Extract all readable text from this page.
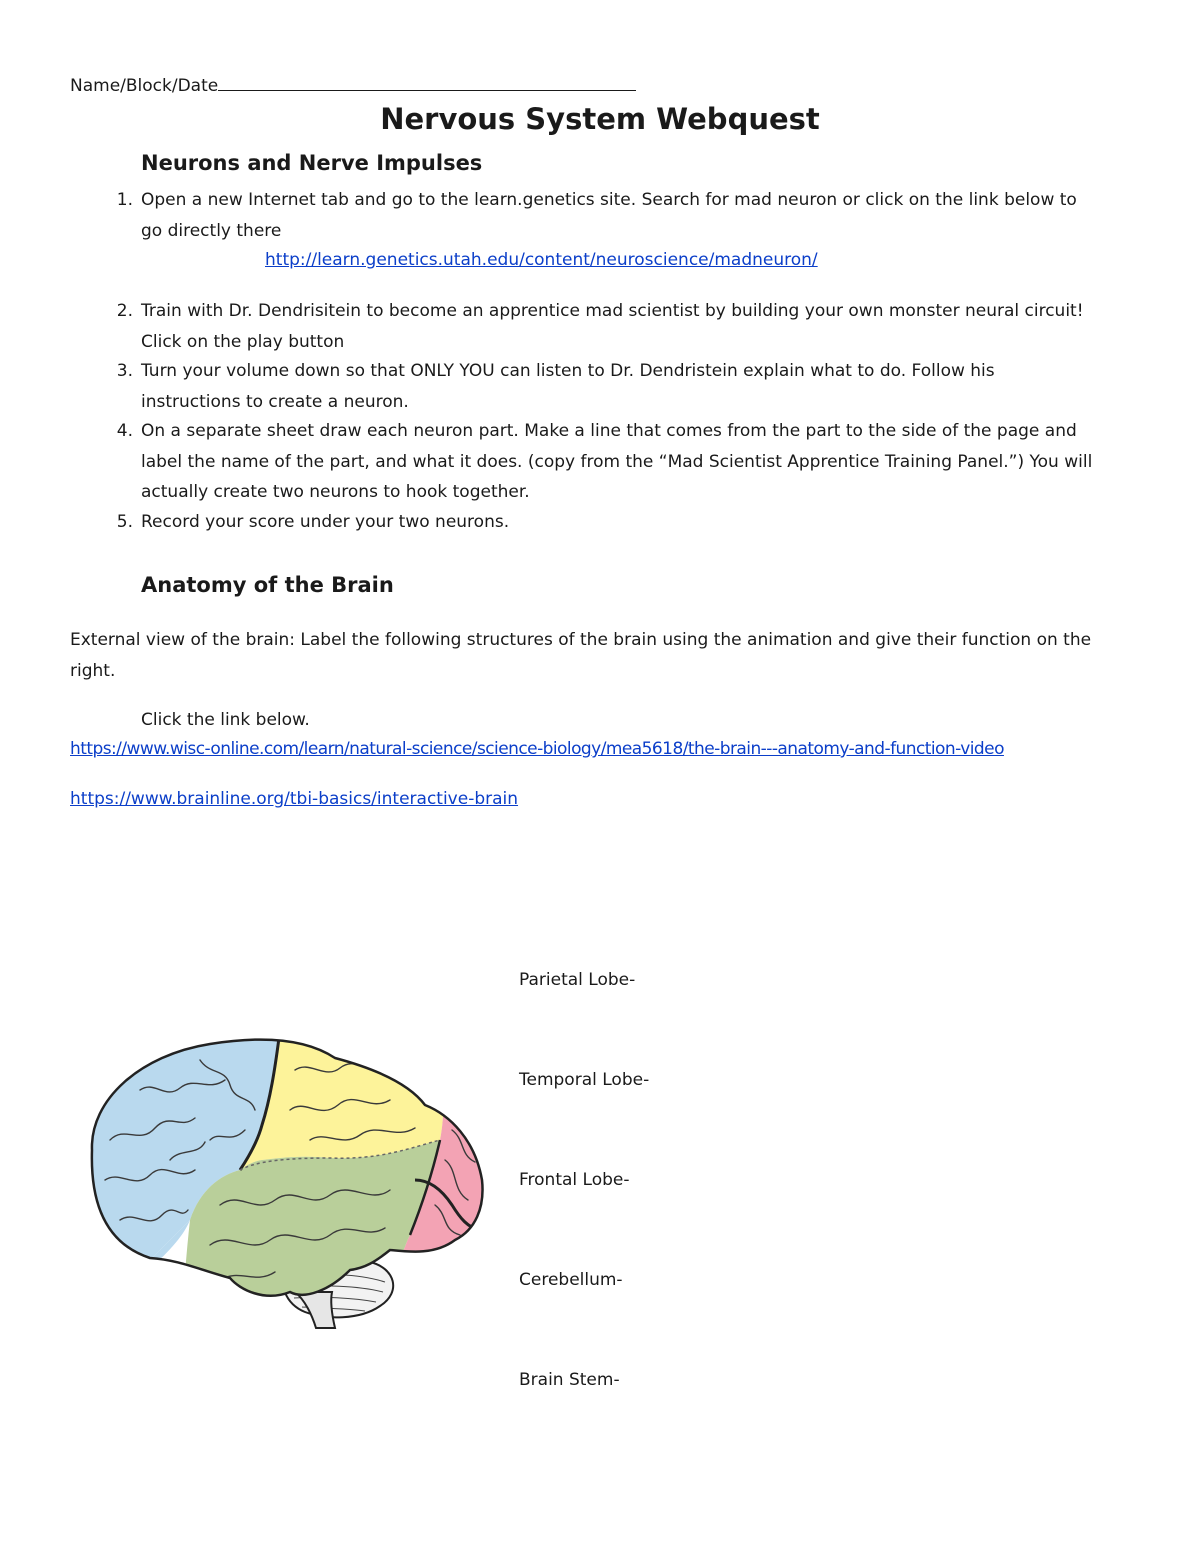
Name/Block/Date
Nervous System Webquest
Neurons and Nerve Impulses
1. Open a new Internet tab and go to the learn.genetics site. Search for mad neuron or click on the link below to
go directly there
http://learn.genetics.utah.edu/content/neuroscience/madneuron/
2. Train with Dr. Dendrisitein to become an apprentice mad scientist by building your own monster neural circuit!
Click on the play button
3. Turn your volume down so that ONLY YOU can listen to Dr. Dendristein explain what to do. Follow his
instructions to create a neuron.
4. On a separate sheet draw each neuron part. Make a line that comes from the part to the side of the page and
label the name of the part, and what it does. (copy from the “Mad Scientist Apprentice Training Panel.”) You will
actually create two neurons to hook together.
5. Record your score under your two neurons.
Anatomy of the Brain
External view of the brain: Label the following structures of the brain using the animation and give their function on the
right.
Click the link below.
https://www.wisc-online.com/learn/natural-science/science-biology/mea5618/the-brain---anatomy-and-function-video
https://www.brainline.org/tbi-basics/interactive-brain
Parietal Lobe-
Temporal Lobe-
Frontal Lobe-
Cerebellum-
Brain Stem-
